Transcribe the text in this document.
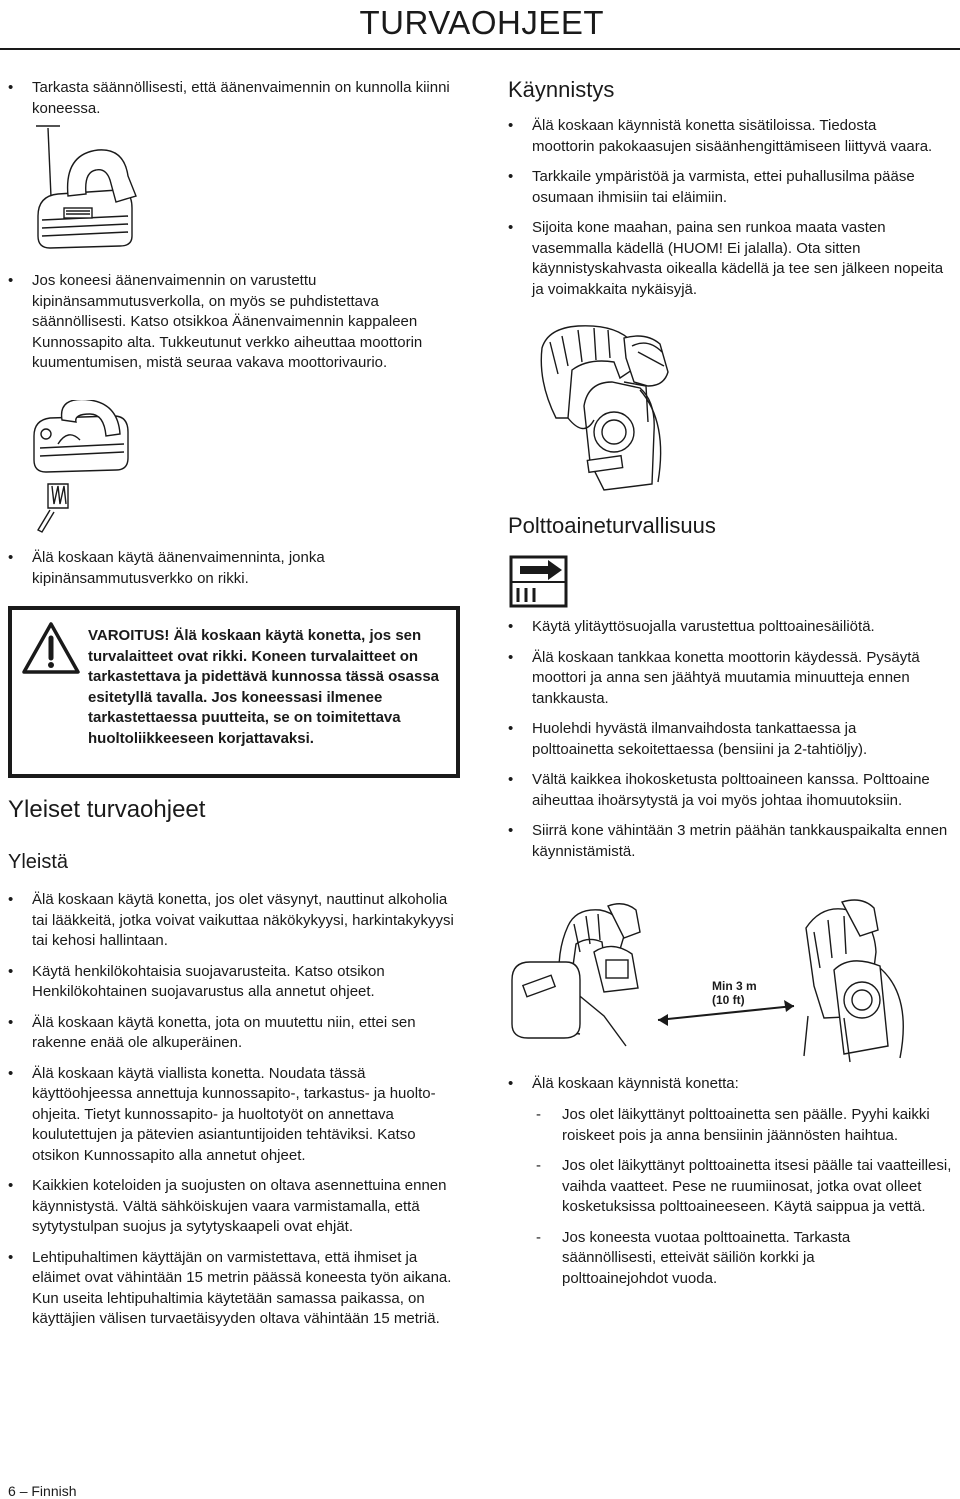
TURVAOHJEET
• Tarkasta säännöllisesti, että äänenvaimennin on kunnolla kiinni koneessa.
• Jos koneesi äänenvaimennin on varustettu kipinänsammutusverkolla, on myös se puhdistettava säännöllisesti. Katso otsikkoa Äänenvaimennin kappaleen Kunnossapito alta. Tukkeutunut verkko aiheuttaa moottorin kuumentumisen, mistä seuraa vakava moottorivaurio.
• Älä koskaan käytä äänenvaimenninta, jonka kipinänsammutusverkko on rikki.
VAROITUS! Älä koskaan käytä konetta, jos sen turvalaitteet ovat rikki. Koneen turvalaitteet on tarkastettava ja pidettävä kunnossa tässä osassa esitetyllä tavalla. Jos koneessasi ilmenee tarkastettaessa puutteita, se on toimitettava huoltoliikkeeseen korjattavaksi.
Yleiset turvaohjeet
Yleistä
• Älä koskaan käytä konetta, jos olet väsynyt, nauttinut alkoholia tai lääkkeitä, jotka voivat vaikuttaa näkökykyysi, harkintakykyysi tai kehosi hallintaan.
• Käytä henkilökohtaisia suojavarusteita. Katso otsikon Henkilökohtainen suojavarustus alla annetut ohjeet.
• Älä koskaan käytä konetta, jota on muutettu niin, ettei sen rakenne enää ole alkuperäinen.
• Älä koskaan käytä viallista konetta. Noudata tässä käyttöohjeessa annettuja kunnossapito-, tarkastus- ja huolto-ohjeita. Tietyt kunnossapito- ja huoltotyöt on annettava koulutettujen ja pätevien asiantuntijoiden tehtäviksi. Katso otsikon Kunnossapito alla annetut ohjeet.
• Kaikkien koteloiden ja suojusten on oltava asennettuina ennen käynnistystä. Vältä sähköiskujen vaara varmistamalla, että sytytystulpan suojus ja sytytyskaapeli ovat ehjät.
• Lehtipuhaltimen käyttäjän on varmistettava, että ihmiset ja eläimet ovat vähintään 15 metrin päässä koneesta työn aikana. Kun useita lehtipuhaltimia käytetään samassa paikassa, on käyttäjien välisen turvaetäisyyden oltava vähintään 15 metriä.
Käynnistys
• Älä koskaan käynnistä konetta sisätiloissa. Tiedosta moottorin pakokaasujen sisäänhengittämiseen liittyvä vaara.
• Tarkkaile ympäristöä ja varmista, ettei puhallusilma pääse osumaan ihmisiin tai eläimiin.
• Sijoita kone maahan, paina sen runkoa maata vasten vasemmalla kädellä (HUOM! Ei jalalla). Ota sitten käynnistyskahvasta oikealla kädellä ja tee sen jälkeen nopeita ja voimakkaita nykäisyjä.
Polttoaineturvallisuus
• Käytä ylitäyttösuojalla varustettua polttoainesäiliötä.
• Älä koskaan tankkaa konetta moottorin käydessä. Pysäytä moottori ja anna sen jäähtyä muutamia minuutteja ennen tankkausta.
• Huolehdi hyvästä ilmanvaihdosta tankattaessa ja polttoainetta sekoitettaessa (bensiini ja 2-tahtiöljy).
• Vältä kaikkea ihokosketusta polttoaineen kanssa. Polttoaine aiheuttaa ihoärsytystä ja voi myös johtaa ihomuutoksiin.
• Siirrä kone vähintään 3 metrin päähän tankkauspaikalta ennen käynnistämistä.
Min 3 m
(10 ft)
• Älä koskaan käynnistä konetta:
- Jos olet läikyttänyt polttoainetta sen päälle. Pyyhi kaikki roiskeet pois ja anna bensiinin jäännösten haihtua.
- Jos olet läikyttänyt polttoainetta itsesi päälle tai vaatteillesi, vaihda vaatteet. Pese ne ruumiinosat, jotka ovat olleet kosketuksissa polttoaineeseen. Käytä saippua ja vettä.
- Jos koneesta vuotaa polttoainetta. Tarkasta säännöllisesti, etteivät säiliön korkki ja polttoainejohdot vuoda.
6 – Finnish
